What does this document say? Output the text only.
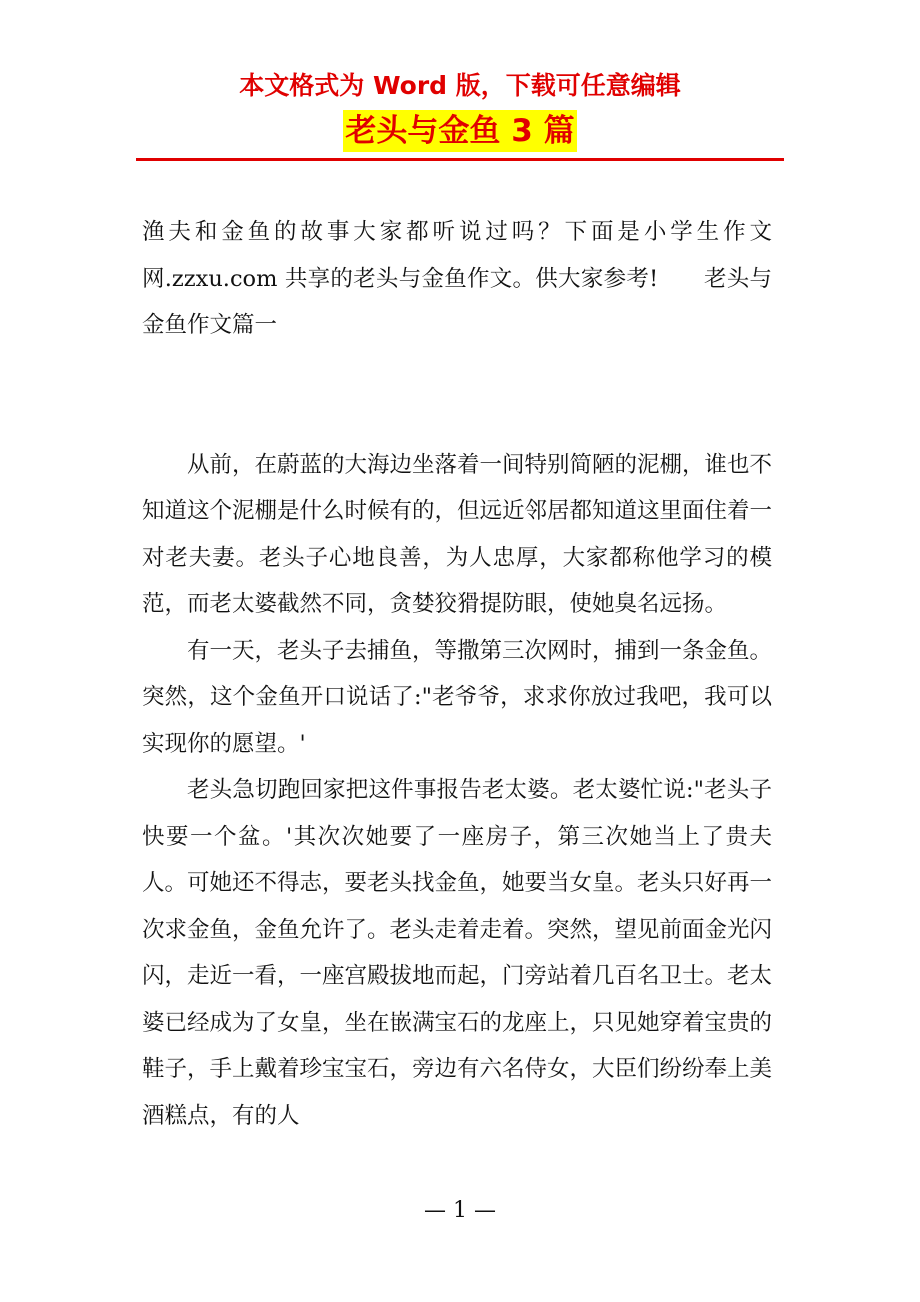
本文格式为 Word 版，下载可任意编辑
老头与金鱼 3 篇

渔夫和金鱼的故事大家都听说过吗？下面是小学生作文网.zzxu.com 共享的老头与金鱼作文。供大家参考!　　老头与金鱼作文篇一

从前，在蔚蓝的大海边坐落着一间特别简陋的泥棚，谁也不知道这个泥棚是什么时候有的，但远近邻居都知道这里面住着一对老夫妻。老头子心地良善，为人忠厚，大家都称他学习的模范，而老太婆截然不同，贪婪狡猾提防眼，使她臭名远扬。

有一天，老头子去捕鱼，等撒第三次网时，捕到一条金鱼。突然，这个金鱼开口说话了:"老爷爷，求求你放过我吧，我可以实现你的愿望。'

老头急切跑回家把这件事报告老太婆。老太婆忙说:"老头子快要一个盆。'其次次她要了一座房子，第三次她当上了贵夫人。可她还不得志，要老头找金鱼，她要当女皇。老头只好再一次求金鱼，金鱼允许了。老头走着走着。突然，望见前面金光闪闪，走近一看，一座宫殿拔地而起，门旁站着几百名卫士。老太婆已经成为了女皇，坐在嵌满宝石的龙座上，只见她穿着宝贵的鞋子，手上戴着珍宝宝石，旁边有六名侍女，大臣们纷纷奉上美酒糕点，有的人

— 1 —
